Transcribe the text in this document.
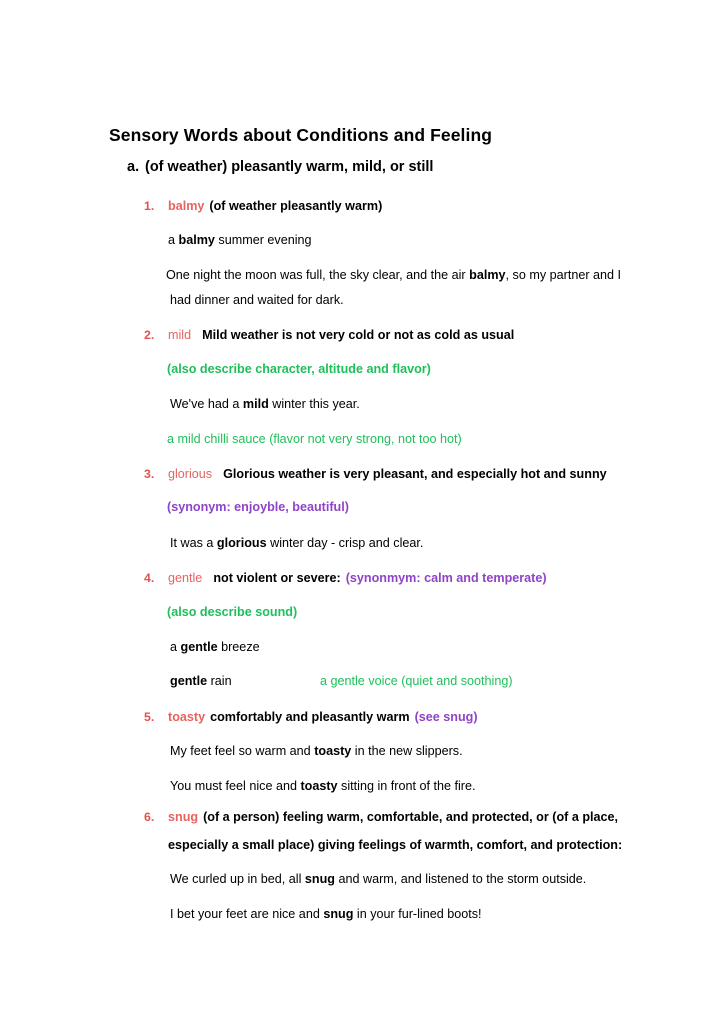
Sensory Words about Conditions and Feeling
a. (of weather) pleasantly warm, mild, or still
1. balmy (of weather pleasantly warm)
a balmy summer evening
One night the moon was full, the sky clear, and the air balmy, so my partner and I
had dinner and waited for dark.
2. mild Mild weather is not very cold or not as cold as usual
(also describe character, altitude and flavor)
We've had a mild winter this year.
a mild chilli sauce (flavor not very strong, not too hot)
3. glorious Glorious weather is very pleasant, and especially hot and sunny
(synonym: enjoyble, beautiful)
It was a glorious winter day - crisp and clear.
4. gentle not violent or severe: (synonmym: calm and temperate)
(also describe sound)
a gentle breeze
gentle rain	a gentle voice (quiet and soothing)
5. toasty comfortably and pleasantly warm (see snug)
My feet feel so warm and toasty in the new slippers.
You must feel nice and toasty sitting in front of the fire.
6. snug (of a person) feeling warm, comfortable, and protected, or (of a place,
especially a small place) giving feelings of warmth, comfort, and protection:
We curled up in bed, all snug and warm, and listened to the storm outside.
I bet your feet are nice and snug in your fur-lined boots!
